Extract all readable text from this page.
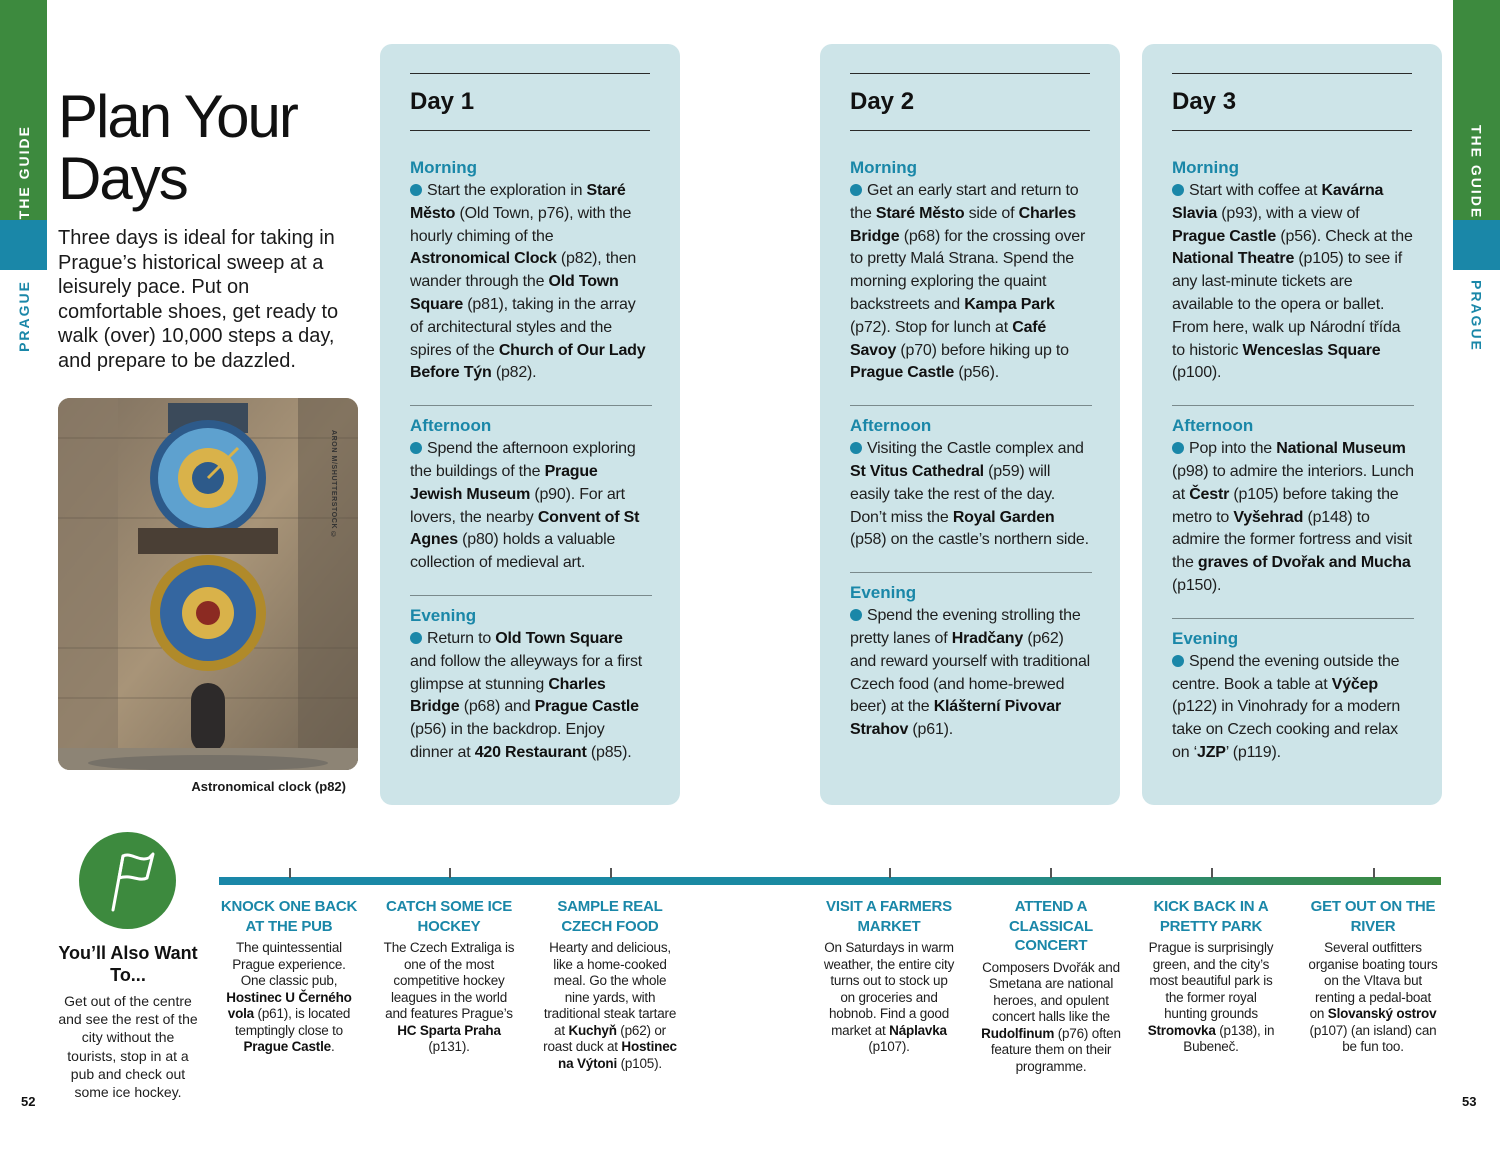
THE GUIDE
PRAGUE
THE GUIDE
PRAGUE
Plan Your Days

Three days is ideal for taking in Prague’s historical sweep at a leisurely pace. Put on comfortable shoes, get ready to walk (over) 10,000 steps a day, and prepare to be dazzled.

ARON M/SHUTTERSTOCK ©
Astronomical clock (p82)
Day 1
Morning
Start the exploration in Staré Město (Old Town, p76), with the hourly chiming of the Astronomical Clock (p82), then wander through the Old Town Square (p81), taking in the array of architectural styles and the spires of the Church of Our Lady Before Týn (p82).
Afternoon
Spend the afternoon exploring the buildings of the Prague Jewish Museum (p90). For art lovers, the nearby Convent of St Agnes (p80) holds a valuable collection of medieval art.
Evening
Return to Old Town Square and follow the alleyways for a first glimpse at stunning Charles Bridge (p68) and Prague Castle (p56) in the backdrop. Enjoy dinner at 420 Restaurant (p85).
Day 2
Morning
Get an early start and return to the Staré Město side of Charles Bridge (p68) for the crossing over to pretty Malá Strana. Spend the morning exploring the quaint backstreets and Kampa Park (p72). Stop for lunch at Café Savoy (p70) before hiking up to Prague Castle (p56).
Afternoon
Visiting the Castle complex and St Vitus Cathedral (p59) will easily take the rest of the day. Don’t miss the Royal Garden (p58) on the castle’s northern side.
Evening
Spend the evening strolling the pretty lanes of Hradčany (p62) and reward yourself with traditional Czech food (and home-brewed beer) at the Klášterní Pivovar Strahov (p61).
Day 3
Morning
Start with coffee at Kavárna Slavia (p93), with a view of Prague Castle (p56). Check at the National Theatre (p105) to see if any last-minute tickets are available to the opera or ballet. From here, walk up Národní třída to historic Wenceslas Square (p100).
Afternoon
Pop into the National Museum (p98) to admire the interiors. Lunch at Čestr (p105) before taking the metro to Vyšehrad (p148) to admire the former fortress and visit the graves of Dvořak and Mucha (p150).
Evening
Spend the evening outside the centre. Book a table at Výčep (p122) in Vinohrady for a modern take on Czech cooking and relax on ‘JZP’ (p119).
You’ll Also Want To...
Get out of the centre and see the rest of the city without the tourists, stop in at a pub and check out some ice hockey.
KNOCK ONE BACK AT THE PUB
The quintessential Prague experience. One classic pub, Hostinec U Černého vola (p61), is located temptingly close to Prague Castle.
CATCH SOME ICE HOCKEY
The Czech Extraliga is one of the most competitive hockey leagues in the world and features Prague’s HC Sparta Praha (p131).
SAMPLE REAL CZECH FOOD
Hearty and delicious, like a home-cooked meal. Go the whole nine yards, with traditional steak tartare at Kuchyň (p62) or roast duck at Hostinec na Výtoni (p105).
VISIT A FARMERS MARKET
On Saturdays in warm weather, the entire city turns out to stock up on groceries and hobnob. Find a good market at Náplavka (p107).
ATTEND A CLASSICAL CONCERT
Composers Dvořák and Smetana are national heroes, and opulent concert halls like the Rudolfinum (p76) often feature them on their programme.
KICK BACK IN A PRETTY PARK
Prague is surprisingly green, and the city’s most beautiful park is the former royal hunting grounds Stromovka (p138), in Bubeneč.
GET OUT ON THE RIVER
Several outfitters organise boating tours on the Vltava but renting a pedal-boat on Slovanský ostrov (p107) (an island) can be fun too.
52	53
